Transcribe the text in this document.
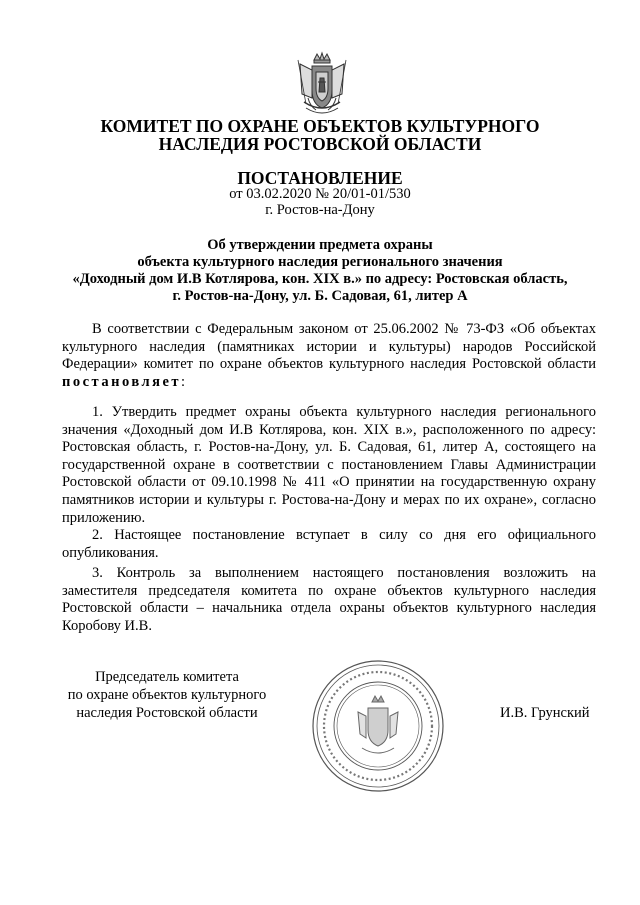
КОМИТЕТ ПО ОХРАНЕ ОБЪЕКТОВ КУЛЬТУРНОГО
НАСЛЕДИЯ РОСТОВСКОЙ ОБЛАСТИ
ПОСТАНОВЛЕНИЕ
от 03.02.2020 № 20/01-01/530
г. Ростов-на-Дону
Об утверждении предмета охраны
объекта культурного наследия регионального значения
«Доходный дом И.В Котлярова, кон. XIX в.» по адресу: Ростовская область,
г. Ростов-на-Дону, ул. Б. Садовая, 61, литер А
В соответствии с Федеральным законом от 25.06.2002 № 73-ФЗ «Об объектах культурного наследия (памятниках истории и культуры) народов Российской Федерации» комитет по охране объектов культурного наследия Ростовской области постановляет:
1. Утвердить предмет охраны объекта культурного наследия регионального значения «Доходный дом И.В Котлярова, кон. XIX в.», расположенного по адресу: Ростовская область, г. Ростов-на-Дону, ул. Б. Садовая, 61, литер А, состоящего на государственной охране в соответствии с постановлением Главы Администрации Ростовской области от 09.10.1998 № 411 «О принятии на государственную охрану памятников истории и культуры г. Ростова-на-Дону и мерах по их охране», согласно приложению.
2. Настоящее постановление вступает в силу со дня его официального опубликования.
3. Контроль за выполнением настоящего постановления возложить на заместителя председателя комитета по охране объектов культурного наследия Ростовской области – начальника отдела охраны объектов культурного наследия Коробову И.В.
Председатель комитета
по охране объектов культурного
наследия Ростовской области	И.В. Грунский
